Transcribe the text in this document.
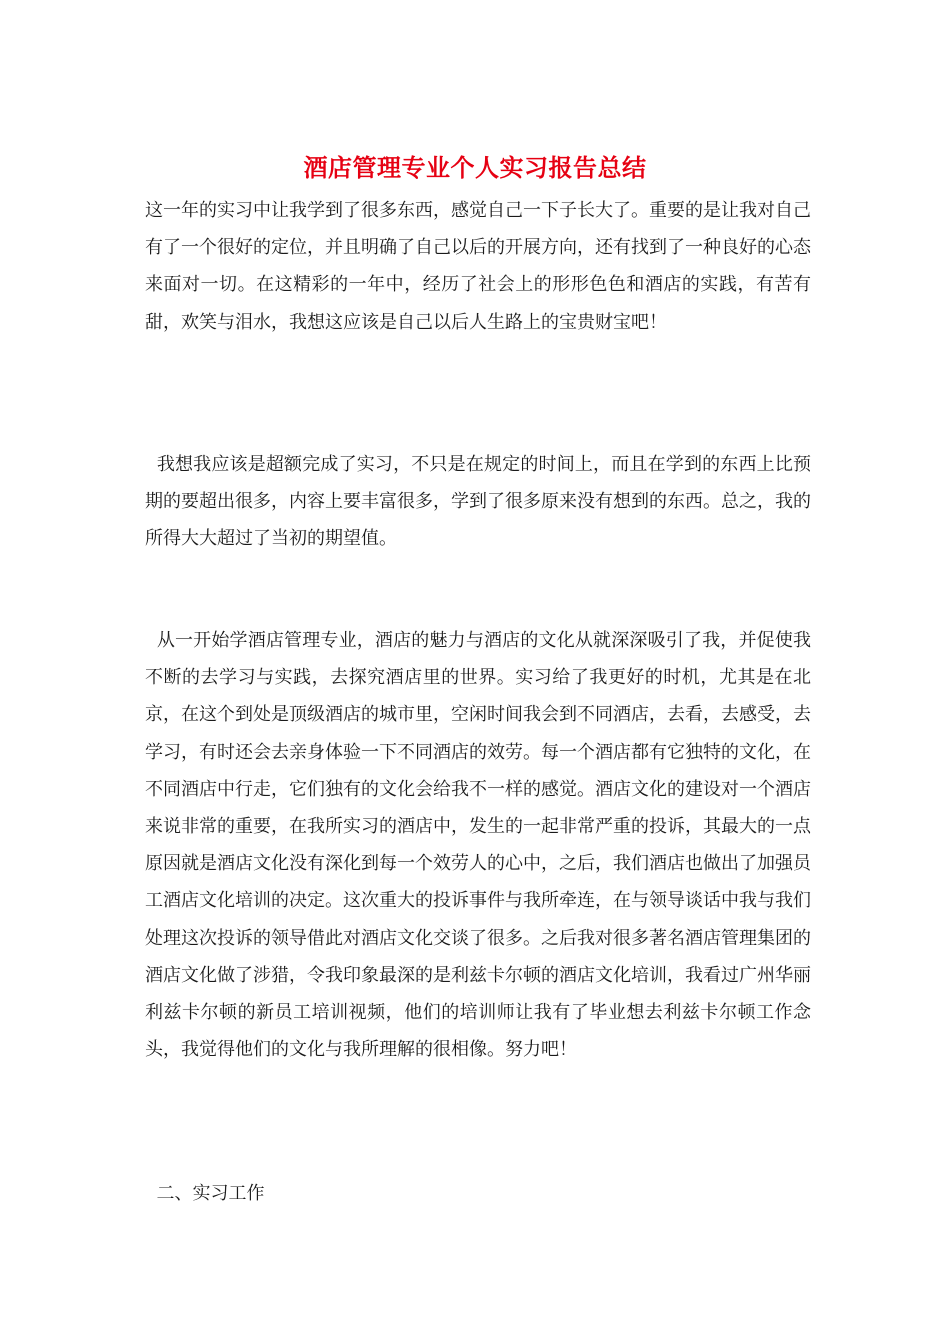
酒店管理专业个人实习报告总结
这一年的实习中让我学到了很多东西，感觉自己一下子长大了。重要的是让我对自己有了一个很好的定位，并且明确了自己以后的开展方向，还有找到了一种良好的心态来面对一切。在这精彩的一年中，经历了社会上的形形色色和酒店的实践，有苦有甜，欢笑与泪水，我想这应该是自己以后人生路上的宝贵财宝吧！
我想我应该是超额完成了实习，不只是在规定的时间上，而且在学到的东西上比预期的要超出很多，内容上要丰富很多，学到了很多原来没有想到的东西。总之，我的所得大大超过了当初的期望值。
从一开始学酒店管理专业，酒店的魅力与酒店的文化从就深深吸引了我，并促使我不断的去学习与实践，去探究酒店里的世界。实习给了我更好的时机，尤其是在北京，在这个到处是顶级酒店的城市里，空闲时间我会到不同酒店，去看，去感受，去学习，有时还会去亲身体验一下不同酒店的效劳。每一个酒店都有它独特的文化，在不同酒店中行走，它们独有的文化会给我不一样的感觉。酒店文化的建设对一个酒店来说非常的重要，在我所实习的酒店中，发生的一起非常严重的投诉，其最大的一点原因就是酒店文化没有深化到每一个效劳人的心中，之后，我们酒店也做出了加强员工酒店文化培训的决定。这次重大的投诉事件与我所牵连，在与领导谈话中我与我们处理这次投诉的领导借此对酒店文化交谈了很多。之后我对很多著名酒店管理集团的酒店文化做了涉猎，令我印象最深的是利兹卡尔顿的酒店文化培训，我看过广州华丽利兹卡尔顿的新员工培训视频，他们的培训师让我有了毕业想去利兹卡尔顿工作念头，我觉得他们的文化与我所理解的很相像。努力吧！
二、实习工作
